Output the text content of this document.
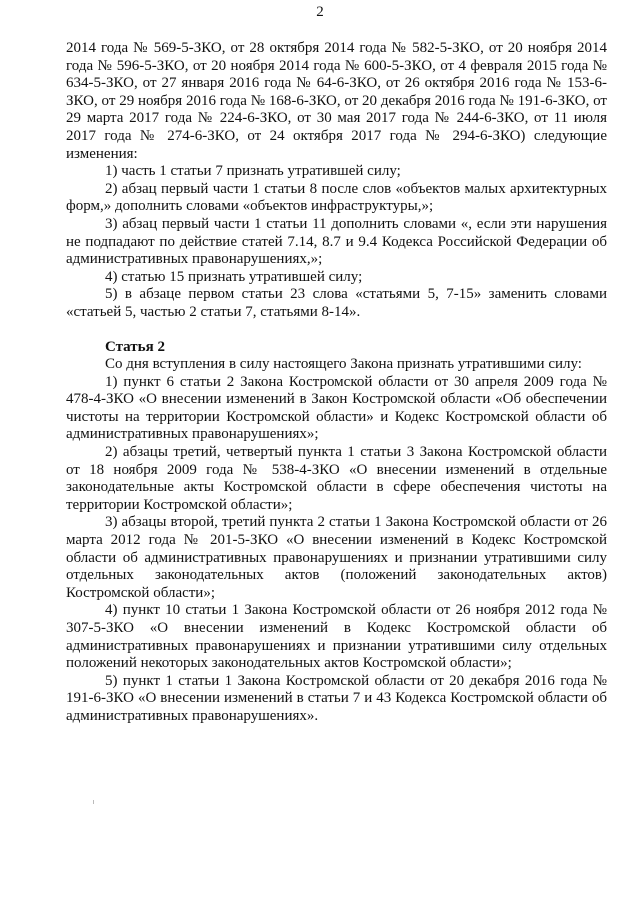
2

2014 года № 569-5-ЗКО, от 28 октября 2014 года № 582-5-ЗКО, от 20 ноября 2014 года № 596-5-ЗКО, от 20 ноября 2014 года № 600-5-ЗКО, от 4 февраля 2015 года № 634-5-ЗКО, от 27 января 2016 года № 64-6-ЗКО, от 26 октября 2016 года № 153-6-ЗКО, от 29 ноября 2016 года № 168-6-ЗКО, от 20 декабря 2016 года № 191-6-ЗКО, от 29 марта 2017 года № 224-6-ЗКО, от 30 мая 2017 года № 244-6-ЗКО, от 11 июля 2017 года № 274-6-ЗКО, от 24 октября 2017 года № 294-6-ЗКО) следующие изменения:

1) часть 1 статьи 7 признать утратившей силу;

2) абзац первый части 1 статьи 8 после слов «объектов малых архитектурных форм,» дополнить словами «объектов инфраструктуры,»;

3) абзац первый части 1 статьи 11 дополнить словами «, если эти нарушения не подпадают по действие статей 7.14, 8.7 и 9.4 Кодекса Российской Федерации об административных правонарушениях,»;

4) статью 15 признать утратившей силу;

5) в абзаце первом статьи 23 слова «статьями 5, 7-15» заменить словами «статьей 5, частью 2 статьи 7, статьями 8-14».

Статья 2

Со дня вступления в силу настоящего Закона признать утратившими силу:

1) пункт 6 статьи 2 Закона Костромской области от 30 апреля 2009 года № 478-4-ЗКО «О внесении изменений в Закон Костромской области «Об обеспечении чистоты на территории Костромской области» и Кодекс Костромской области об административных правонарушениях»;

2) абзацы третий, четвертый пункта 1 статьи 3 Закона Костромской области от 18 ноября 2009 года № 538-4-ЗКО «О внесении изменений в отдельные законодательные акты Костромской области в сфере обеспечения чистоты на территории Костромской области»;

3) абзацы второй, третий пункта 2 статьи 1 Закона Костромской области от 26 марта 2012 года № 201-5-ЗКО «О внесении изменений в Кодекс Костромской области об административных правонарушениях и признании утратившими силу отдельных законодательных актов (положений законодательных актов) Костромской области»;

4) пункт 10 статьи 1 Закона Костромской области от 26 ноября 2012 года № 307-5-ЗКО «О внесении изменений в Кодекс Костромской области об административных правонарушениях и признании утратившими силу отдельных положений некоторых законодательных актов Костромской области»;

5) пункт 1 статьи 1 Закона Костромской области от 20 декабря 2016 года № 191-6-ЗКО «О внесении изменений в статьи 7 и 43 Кодекса Костромской области об административных правонарушениях».
